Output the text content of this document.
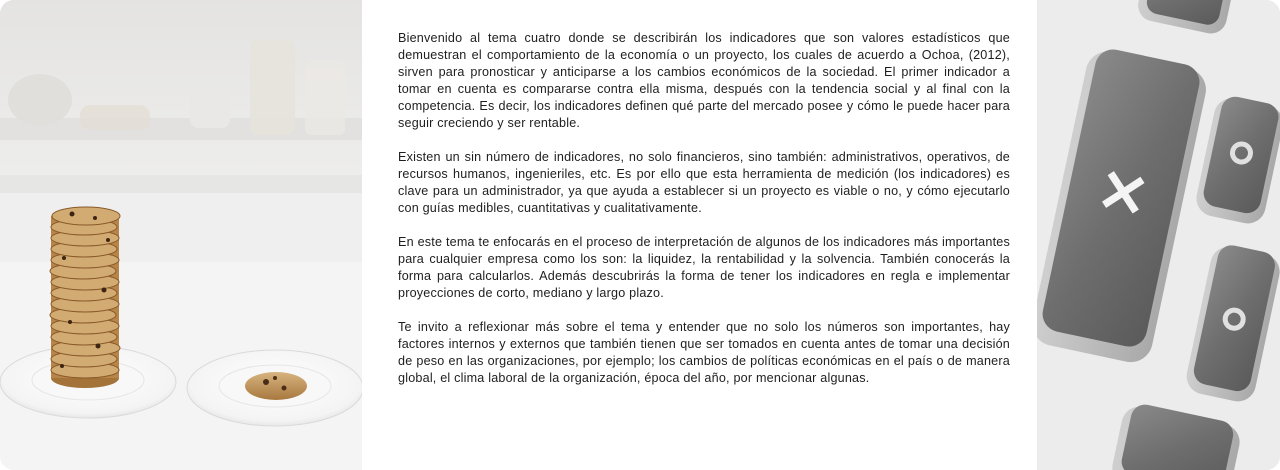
Bienvenido al tema cuatro donde se describirán los indicadores que son valores estadísticos que demuestran el comportamiento de la economía o un proyecto, los cuales de acuerdo a Ochoa, (2012), sirven para pronosticar y anticiparse a los cambios económicos de la sociedad. El primer indicador a tomar en cuenta es compararse contra ella misma, después con la tendencia social y al final con la competencia. Es decir, los indicadores definen qué parte del mercado posee y cómo le puede hacer para seguir creciendo y ser rentable.

Existen un sin número de indicadores, no solo financieros, sino también: administrativos, operativos, de recursos humanos, ingenieriles, etc. Es por ello que esta herramienta de medición (los indicadores) es clave para un administrador, ya que ayuda a establecer si un proyecto es viable o no, y cómo ejecutarlo con guías medibles, cuantitativas y cualitativamente.

En este tema te enfocarás en el proceso de interpretación de algunos de los indicadores más importantes para cualquier empresa como los son: la liquidez, la rentabilidad y la solvencia. También conocerás la forma para calcularlos. Además descubrirás la forma de tener los indicadores en regla e implementar proyecciones de corto, mediano y largo plazo.

Te invito a reflexionar más sobre el tema y entender que no solo los números son importantes, hay factores internos y externos que también tienen que ser tomados en cuenta antes de tomar una decisión de peso en las organizaciones, por ejemplo; los cambios de políticas económicas en el país o de manera global, el clima laboral de la organización, época del año, por mencionar algunas.

×
